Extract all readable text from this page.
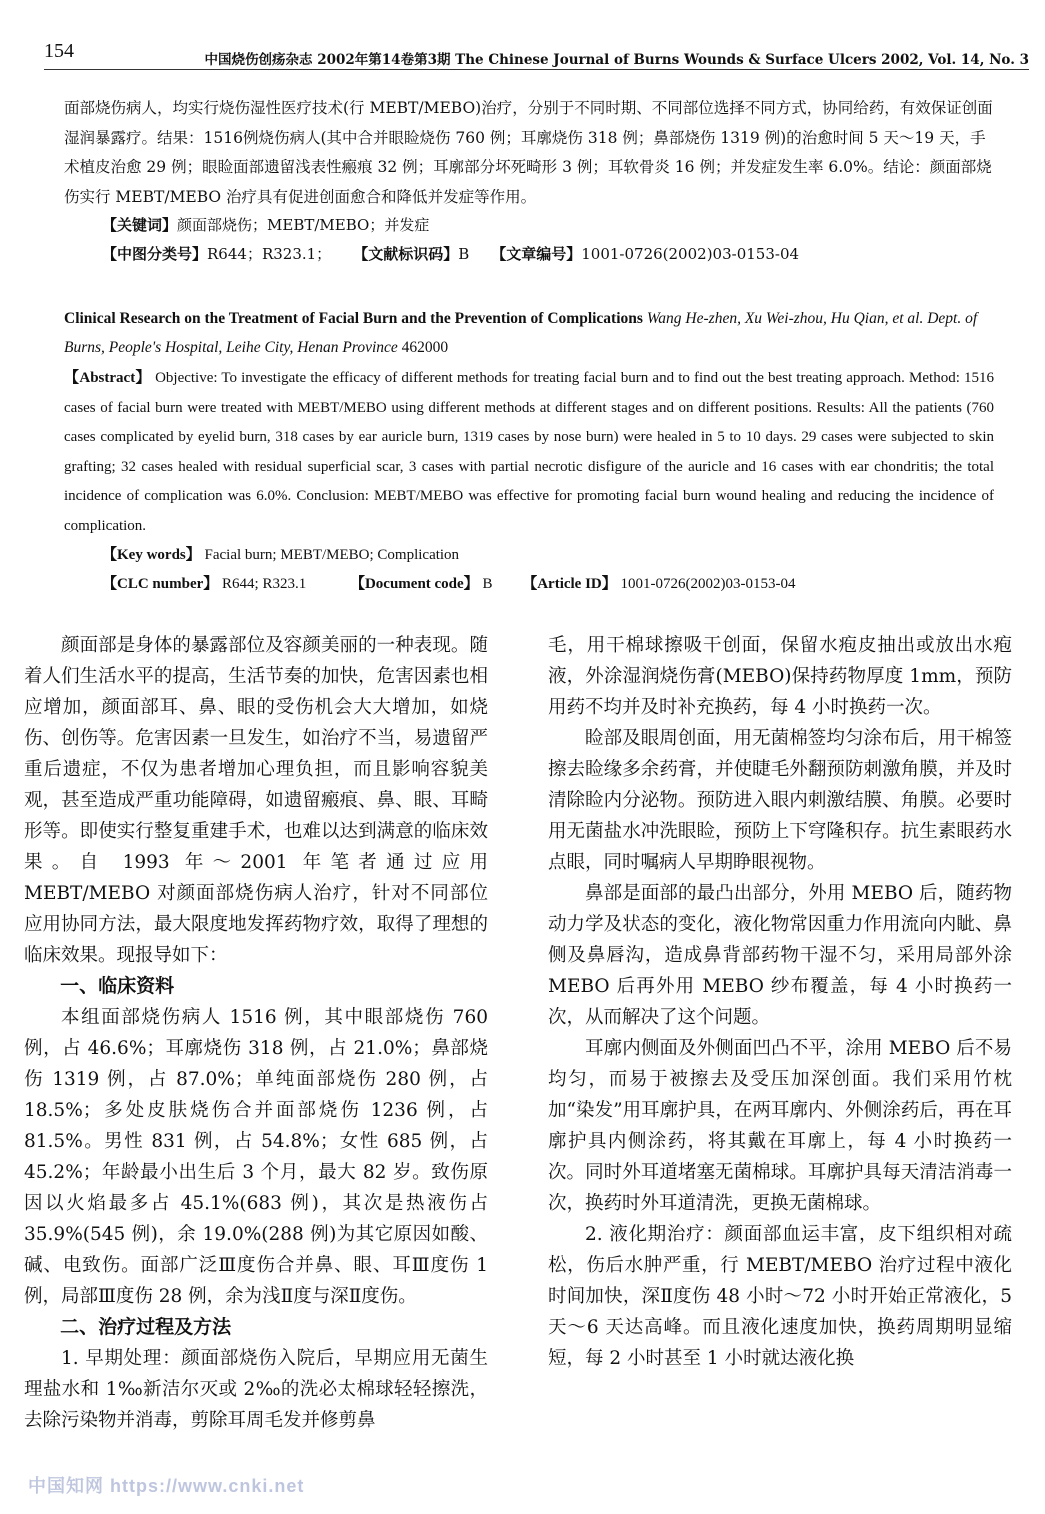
154	中国烧伤创疡杂志 2002年第14卷第3期 The Chinese Journal of Burns Wounds & Surface Ulcers 2002, Vol. 14, No. 3

面部烧伤病人，均实行烧伤湿性医疗技术(行 MEBT/MEBO)治疗，分别于不同时期、不同部位选择不同方式，协同给药，有效保证创面湿润暴露疗。结果：1516例烧伤病人(其中合并眼睑烧伤 760 例；耳廓烧伤 318 例；鼻部烧伤 1319 例)的治愈时间 5 天～19 天，手术植皮治愈 29 例；眼睑面部遗留浅表性瘢痕 32 例；耳廓部分坏死畸形 3 例；耳软骨炎 16 例；并发症发生率 6.0%。结论：颜面部烧伤实行 MEBT/MEBO 治疗具有促进创面愈合和降低并发症等作用。

【关键词】颜面部烧伤；MEBT/MEBO；并发症
【中图分类号】R644；R323.1； 【文献标识码】B 【文章编号】1001-0726(2002)03-0153-04
Clinical Research on the Treatment of Facial Burn and the Prevention of Complications Wang He-zhen, Xu Wei-zhou, Hu Qian, et al. Dept. of Burns, People's Hospital, Leihe City, Henan Province 462000
【Abstract】 Objective: To investigate the efficacy of different methods for treating facial burn and to find out the best treating approach. Method: 1516 cases of facial burn were treated with MEBT/MEBO using different methods at different stages and on different positions. Results: All the patients (760 cases complicated by eyelid burn, 318 cases by ear auricle burn, 1319 cases by nose burn) were healed in 5 to 10 days. 29 cases were subjected to skin grafting; 32 cases healed with residual superficial scar, 3 cases with partial necrotic disfigure of the auricle and 16 cases with ear chondritis; the total incidence of complication was 6.0%. Conclusion: MEBT/MEBO was effective for promoting facial burn wound healing and reducing the incidence of complication.
【Key words】 Facial burn; MEBT/MEBO; Complication
【CLC number】 R644; R323.1	【Document code】 B 【Article ID】 1001-0726(2002)03-0153-04

颜面部是身体的暴露部位及容颜美丽的一种表现。随着人们生活水平的提高，生活节奏的加快，危害因素也相应增加，颜面部耳、鼻、眼的受伤机会大大增加，如烧伤、创伤等。危害因素一旦发生，如治疗不当，易遗留严重后遗症，不仅为患者增加心理负担，而且影响容貌美观，甚至造成严重功能障碍，如遗留瘢痕、鼻、眼、耳畸形等。即使实行整复重建手术，也难以达到满意的临床效果。自 1993 年～2001 年笔者通过应用 MEBT/MEBO 对颜面部烧伤病人治疗，针对不同部位应用协同方法，最大限度地发挥药物疗效，取得了理想的临床效果。现报导如下：

一、临床资料

本组面部烧伤病人 1516 例，其中眼部烧伤 760 例，占 46.6%；耳廓烧伤 318 例，占 21.0%；鼻部烧伤 1319 例，占 87.0%；单纯面部烧伤 280 例，占 18.5%；多处皮肤烧伤合并面部烧伤 1236 例，占 81.5%。男性 831 例，占 54.8%；女性 685 例，占 45.2%；年龄最小出生后 3 个月，最大 82 岁。致伤原因以火焰最多占 45.1%(683 例)，其次是热液伤占 35.9%(545 例)，余 19.0%(288 例)为其它原因如酸、碱、电致伤。面部广泛Ⅲ度伤合并鼻、眼、耳Ⅲ度伤 1 例，局部Ⅲ度伤 28 例，余为浅Ⅱ度与深Ⅱ度伤。

二、治疗过程及方法

1. 早期处理：颜面部烧伤入院后，早期应用无菌生理盐水和 1‰新洁尔灭或 2‰的洗必太棉球轻轻擦洗，去除污染物并消毒，剪除耳周毛发并修剪鼻

毛，用干棉球擦吸干创面，保留水疱皮抽出或放出水疱液，外涂湿润烧伤膏(MEBO)保持药物厚度 1mm，预防用药不均并及时补充换药，每 4 小时换药一次。

睑部及眼周创面，用无菌棉签均匀涂布后，用干棉签擦去睑缘多余药膏，并使睫毛外翻预防刺激角膜，并及时清除睑内分泌物。预防进入眼内刺激结膜、角膜。必要时用无菌盐水冲洗眼睑，预防上下穹隆积存。抗生素眼药水点眼，同时嘱病人早期睁眼视物。

鼻部是面部的最凸出部分，外用 MEBO 后，随药物动力学及状态的变化，液化物常因重力作用流向内眦、鼻侧及鼻唇沟，造成鼻背部药物干湿不匀，采用局部外涂 MEBO 后再外用 MEBO 纱布覆盖，每 4 小时换药一次，从而解决了这个问题。

耳廓内侧面及外侧面凹凸不平，涂用 MEBO 后不易均匀，而易于被擦去及受压加深创面。我们采用竹枕加“染发”用耳廓护具，在两耳廓内、外侧涂药后，再在耳廓护具内侧涂药，将其戴在耳廓上，每 4 小时换药一次。同时外耳道堵塞无菌棉球。耳廓护具每天清洁消毒一次，换药时外耳道清洗，更换无菌棉球。

2. 液化期治疗：颜面部血运丰富，皮下组织相对疏松，伤后水肿严重，行 MEBT/MEBO 治疗过程中液化时间加快，深Ⅱ度伤 48 小时～72 小时开始正常液化，5 天～6 天达高峰。而且液化速度加快，换药周期明显缩短，每 2 小时甚至 1 小时就达液化换

中国知网 https://www.cnki.net
